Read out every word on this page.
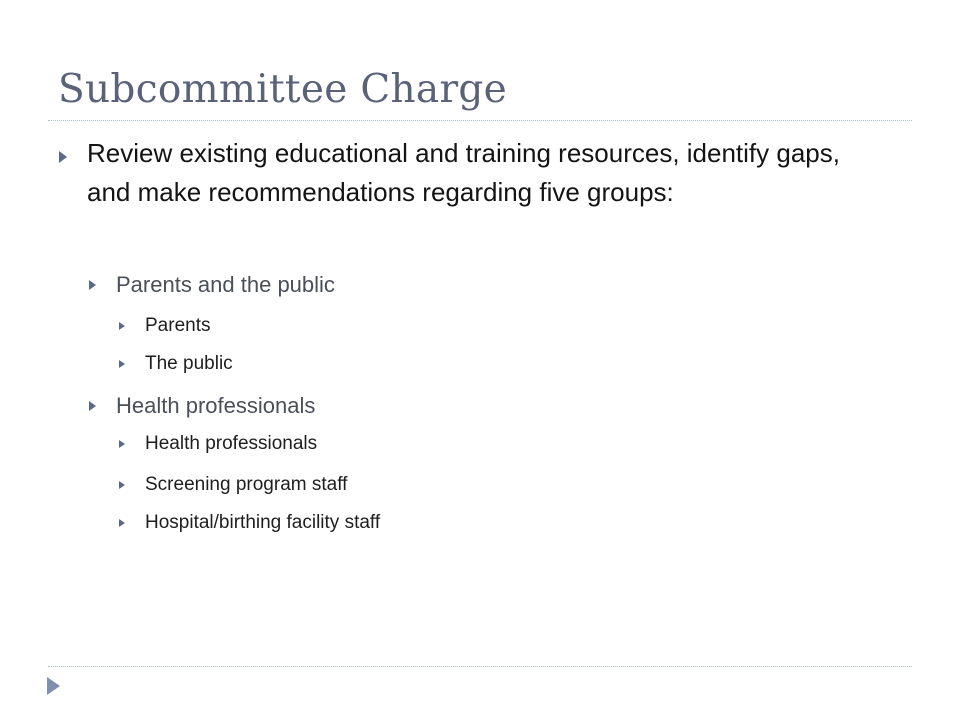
Subcommittee Charge
Review existing educational and training resources, identify gaps, and make recommendations regarding five groups:
Parents and the public
Parents
The public
Health professionals
Health professionals
Screening program staff
Hospital/birthing facility staff
